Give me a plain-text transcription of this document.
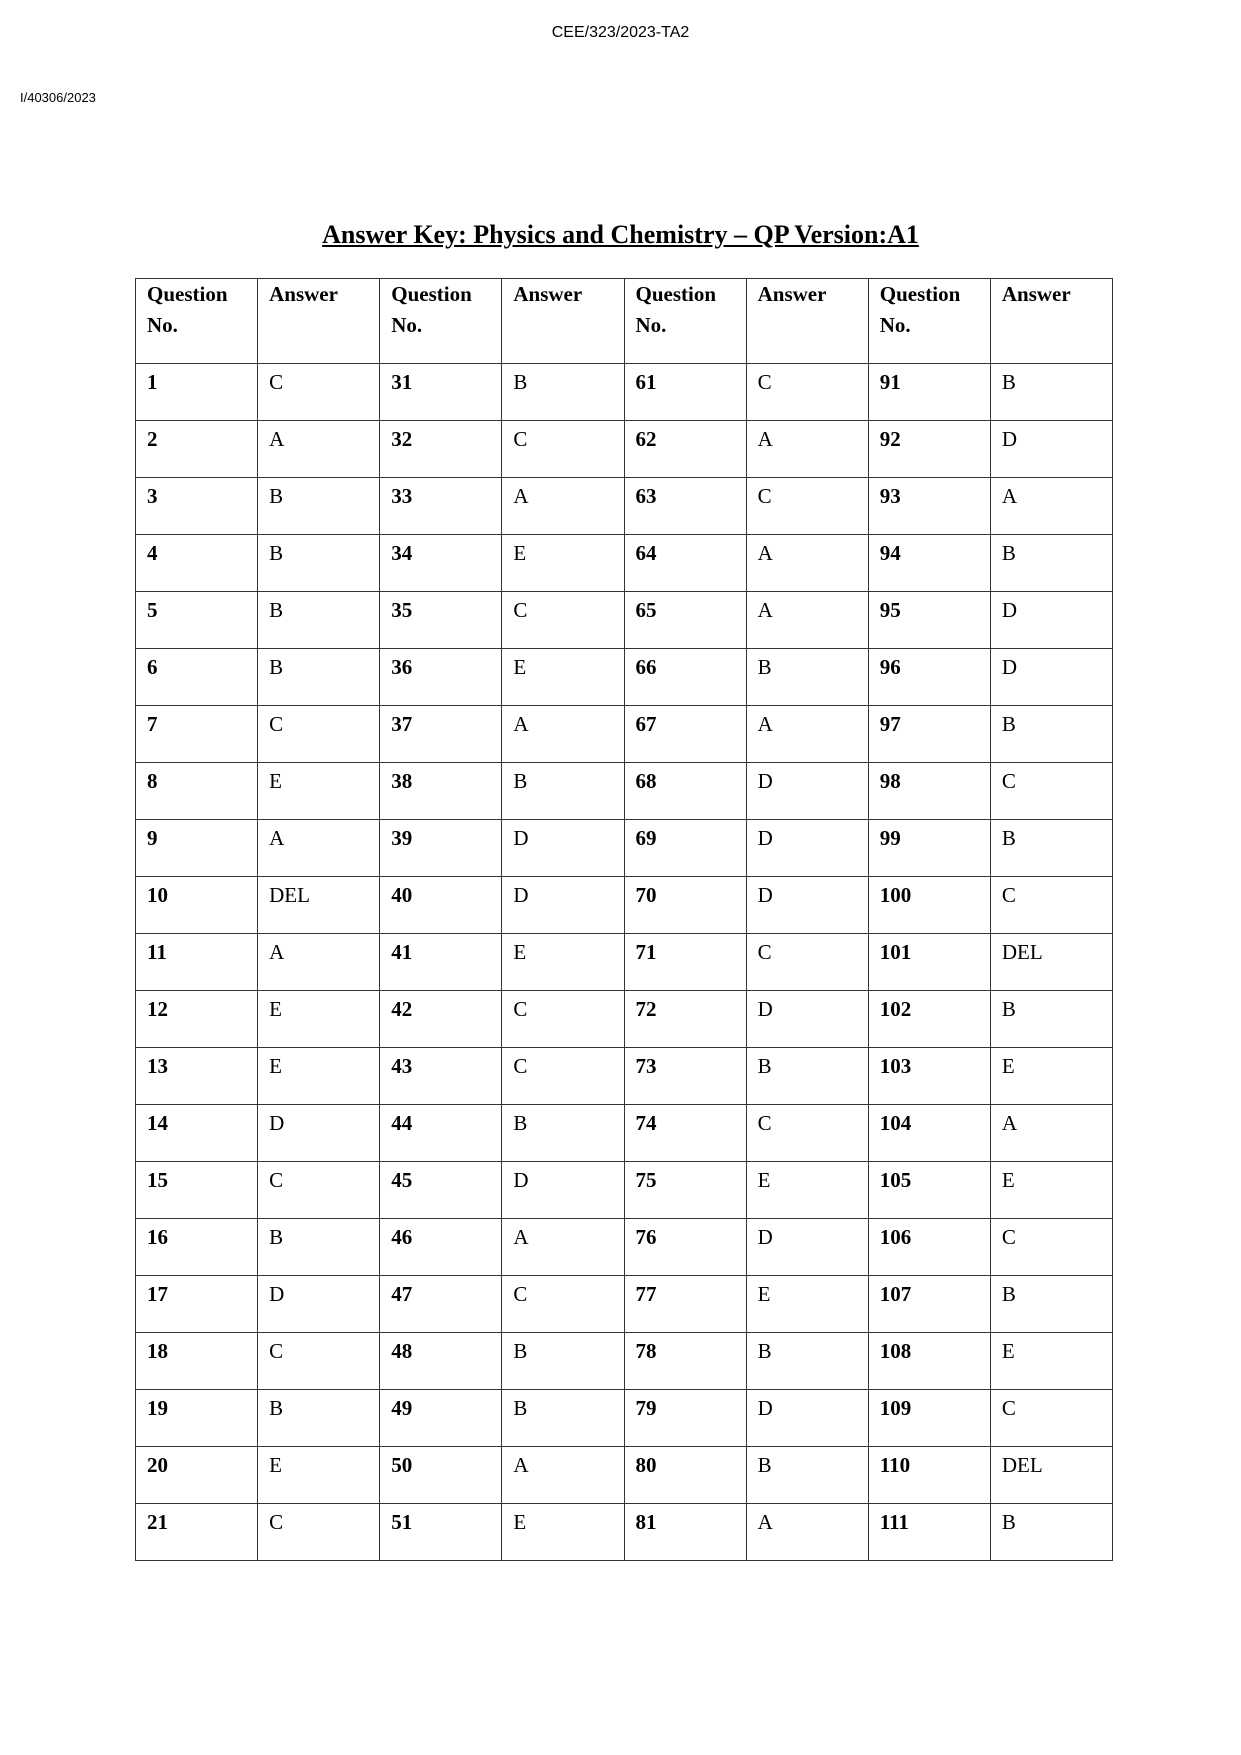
CEE/323/2023-TA2
I/40306/2023
Answer Key: Physics and Chemistry – QP Version:A1
Question No.	Answer	Question No.	Answer	Question No.	Answer	Question No.	Answer
1	C	31	B	61	C	91	B
2	A	32	C	62	A	92	D
3	B	33	A	63	C	93	A
4	B	34	E	64	A	94	B
5	B	35	C	65	A	95	D
6	B	36	E	66	B	96	D
7	C	37	A	67	A	97	B
8	E	38	B	68	D	98	C
9	A	39	D	69	D	99	B
10	DEL	40	D	70	D	100	C
11	A	41	E	71	C	101	DEL
12	E	42	C	72	D	102	B
13	E	43	C	73	B	103	E
14	D	44	B	74	C	104	A
15	C	45	D	75	E	105	E
16	B	46	A	76	D	106	C
17	D	47	C	77	E	107	B
18	C	48	B	78	B	108	E
19	B	49	B	79	D	109	C
20	E	50	A	80	B	110	DEL
21	C	51	E	81	A	111	B
